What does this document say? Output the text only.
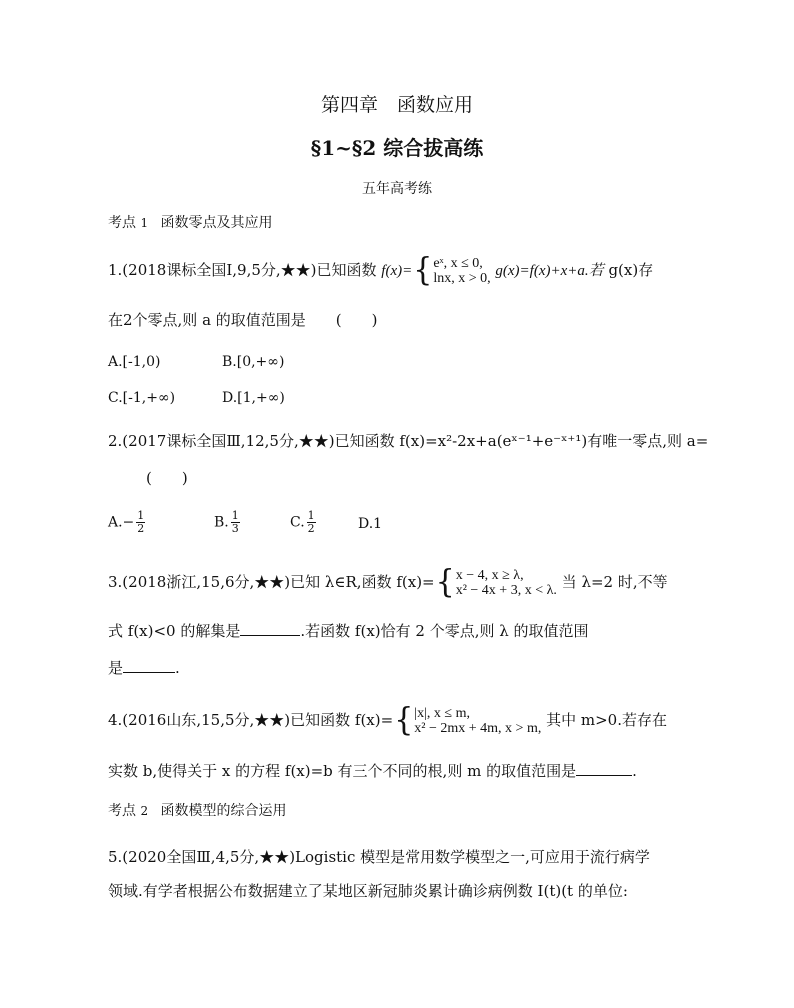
第四章　函数应用
§1~§2 综合拔高练
五年高考练
考点 1 函数零点及其应用
1.(2018课标全国Ⅰ,9,5分,★★)已知函数 f(x)={eˣ, x ≤ 0,
lnx, x > 0, g(x)=f(x)+x+a.若 g(x)存
在2个零点,则 a 的取值范围是　　(　　)
A.[-1,0)	B.[0,+∞)
C.[-1,+∞)	D.[1,+∞)
2.(2017课标全国Ⅲ,12,5分,★★)已知函数 f(x)=x²-2x+a(eˣ⁻¹+e⁻ˣ⁺¹)有唯一零点,则 a=
(　　)
$A.- \frac{1}{2}$	B. $\frac{1}{3}$	C. $\frac{1}{2}$	D.1
3.(2018浙江,15,6分,★★)已知 λ∈R,函数 f(x)={x − 4, x ≥ λ,
x² − 4x + 3, x < λ. 当 λ=2 时,不等
式 f(x)<0 的解集是	.若函数 f(x)恰有 2 个零点,则 λ 的取值范围
是	.
4.(2016山东,15,5分,★★)已知函数 f(x)={|x|, x ≤ m,
x² − 2mx + 4m, x > m, 其中 m>0.若存在
实数 b,使得关于 x 的方程 f(x)=b 有三个不同的根,则 m 的取值范围是	.
考点 2 函数模型的综合运用
5.(2020全国Ⅲ,4,5分,★★)Logistic 模型是常用数学模型之一,可应用于流行病学
领域.有学者根据公布数据建立了某地区新冠肺炎累计确诊病例数 I(t)(t 的单位:
